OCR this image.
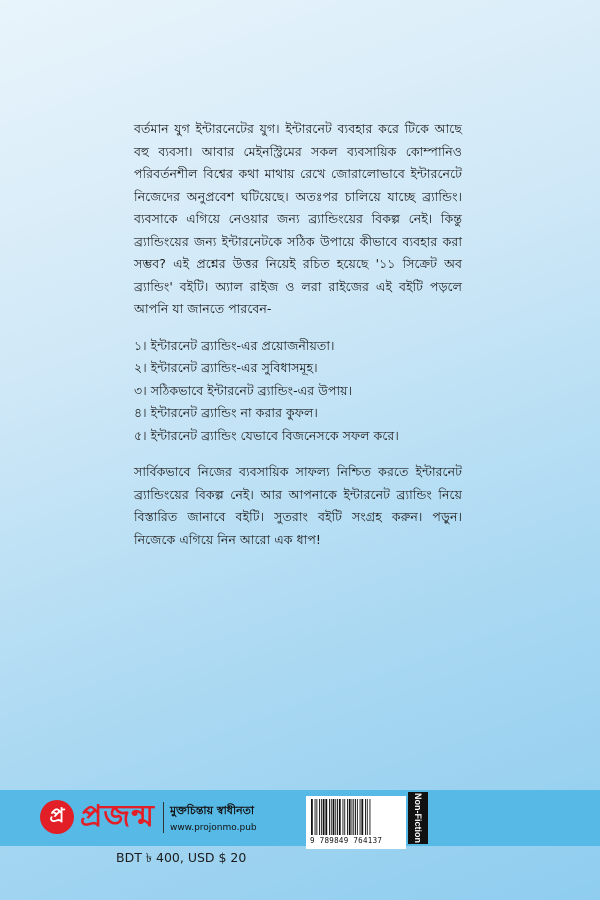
বর্তমান যুগ ইন্টারনেটের যুগ। ইন্টারনেট ব্যবহার করে টিকে আছে বহু ব্যবসা। আবার মেইনস্ট্রিমের সকল ব্যবসায়িক কোম্পানিও পরিবর্তনশীল বিশ্বের কথা মাথায় রেখে জোরালোভাবে ইন্টারনেটে নিজেদের অনুপ্রবেশ ঘটিয়েছে। অতঃপর চালিয়ে যাচ্ছে ব্র্যান্ডিং। ব্যবসাকে এগিয়ে নেওয়ার জন্য ব্র্যান্ডিংয়ের বিকল্প নেই। কিন্তু ব্র্যান্ডিংয়ের জন্য ইন্টারনেটকে সঠিক উপায়ে কীভাবে ব্যবহার করা সম্ভব? এই প্রশ্নের উত্তর নিয়েই রচিত হয়েছে '১১ সিক্রেট অব ব্র্যান্ডিং' বইটি। অ্যাল রাইজ ও লরা রাইজের এই বইটি পড়লে আপনি যা জানতে পারবেন-

১। ইন্টারনেট ব্র্যান্ডিং-এর প্রয়োজনীয়তা।
২। ইন্টারনেট ব্র্যান্ডিং-এর সুবিধাসমূহ।
৩। সঠিকভাবে ইন্টারনেট ব্র্যান্ডিং-এর উপায়।
৪। ইন্টারনেট ব্র্যান্ডিং না করার কুফল।
৫। ইন্টারনেট ব্র্যান্ডিং যেভাবে বিজনেসকে সফল করে।

সার্বিকভাবে নিজের ব্যবসায়িক সাফল্য নিশ্চিত করতে ইন্টারনেট ব্র্যান্ডিংয়ের বিকল্প নেই। আর আপনাকে ইন্টারনেট ব্র্যান্ডিং নিয়ে বিস্তারিত জানাবে বইটি। সুতরাং বইটি সংগ্রহ করুন। পড়ুন। নিজেকে এগিয়ে নিন আরো এক ধাপ!

প্র প্রজন্ম মুক্তচিন্তায় স্বাধীনতা
www.projonmo.pub
9 789849 764137	Non-Fiction
BDT ৳ 400, USD $ 20
